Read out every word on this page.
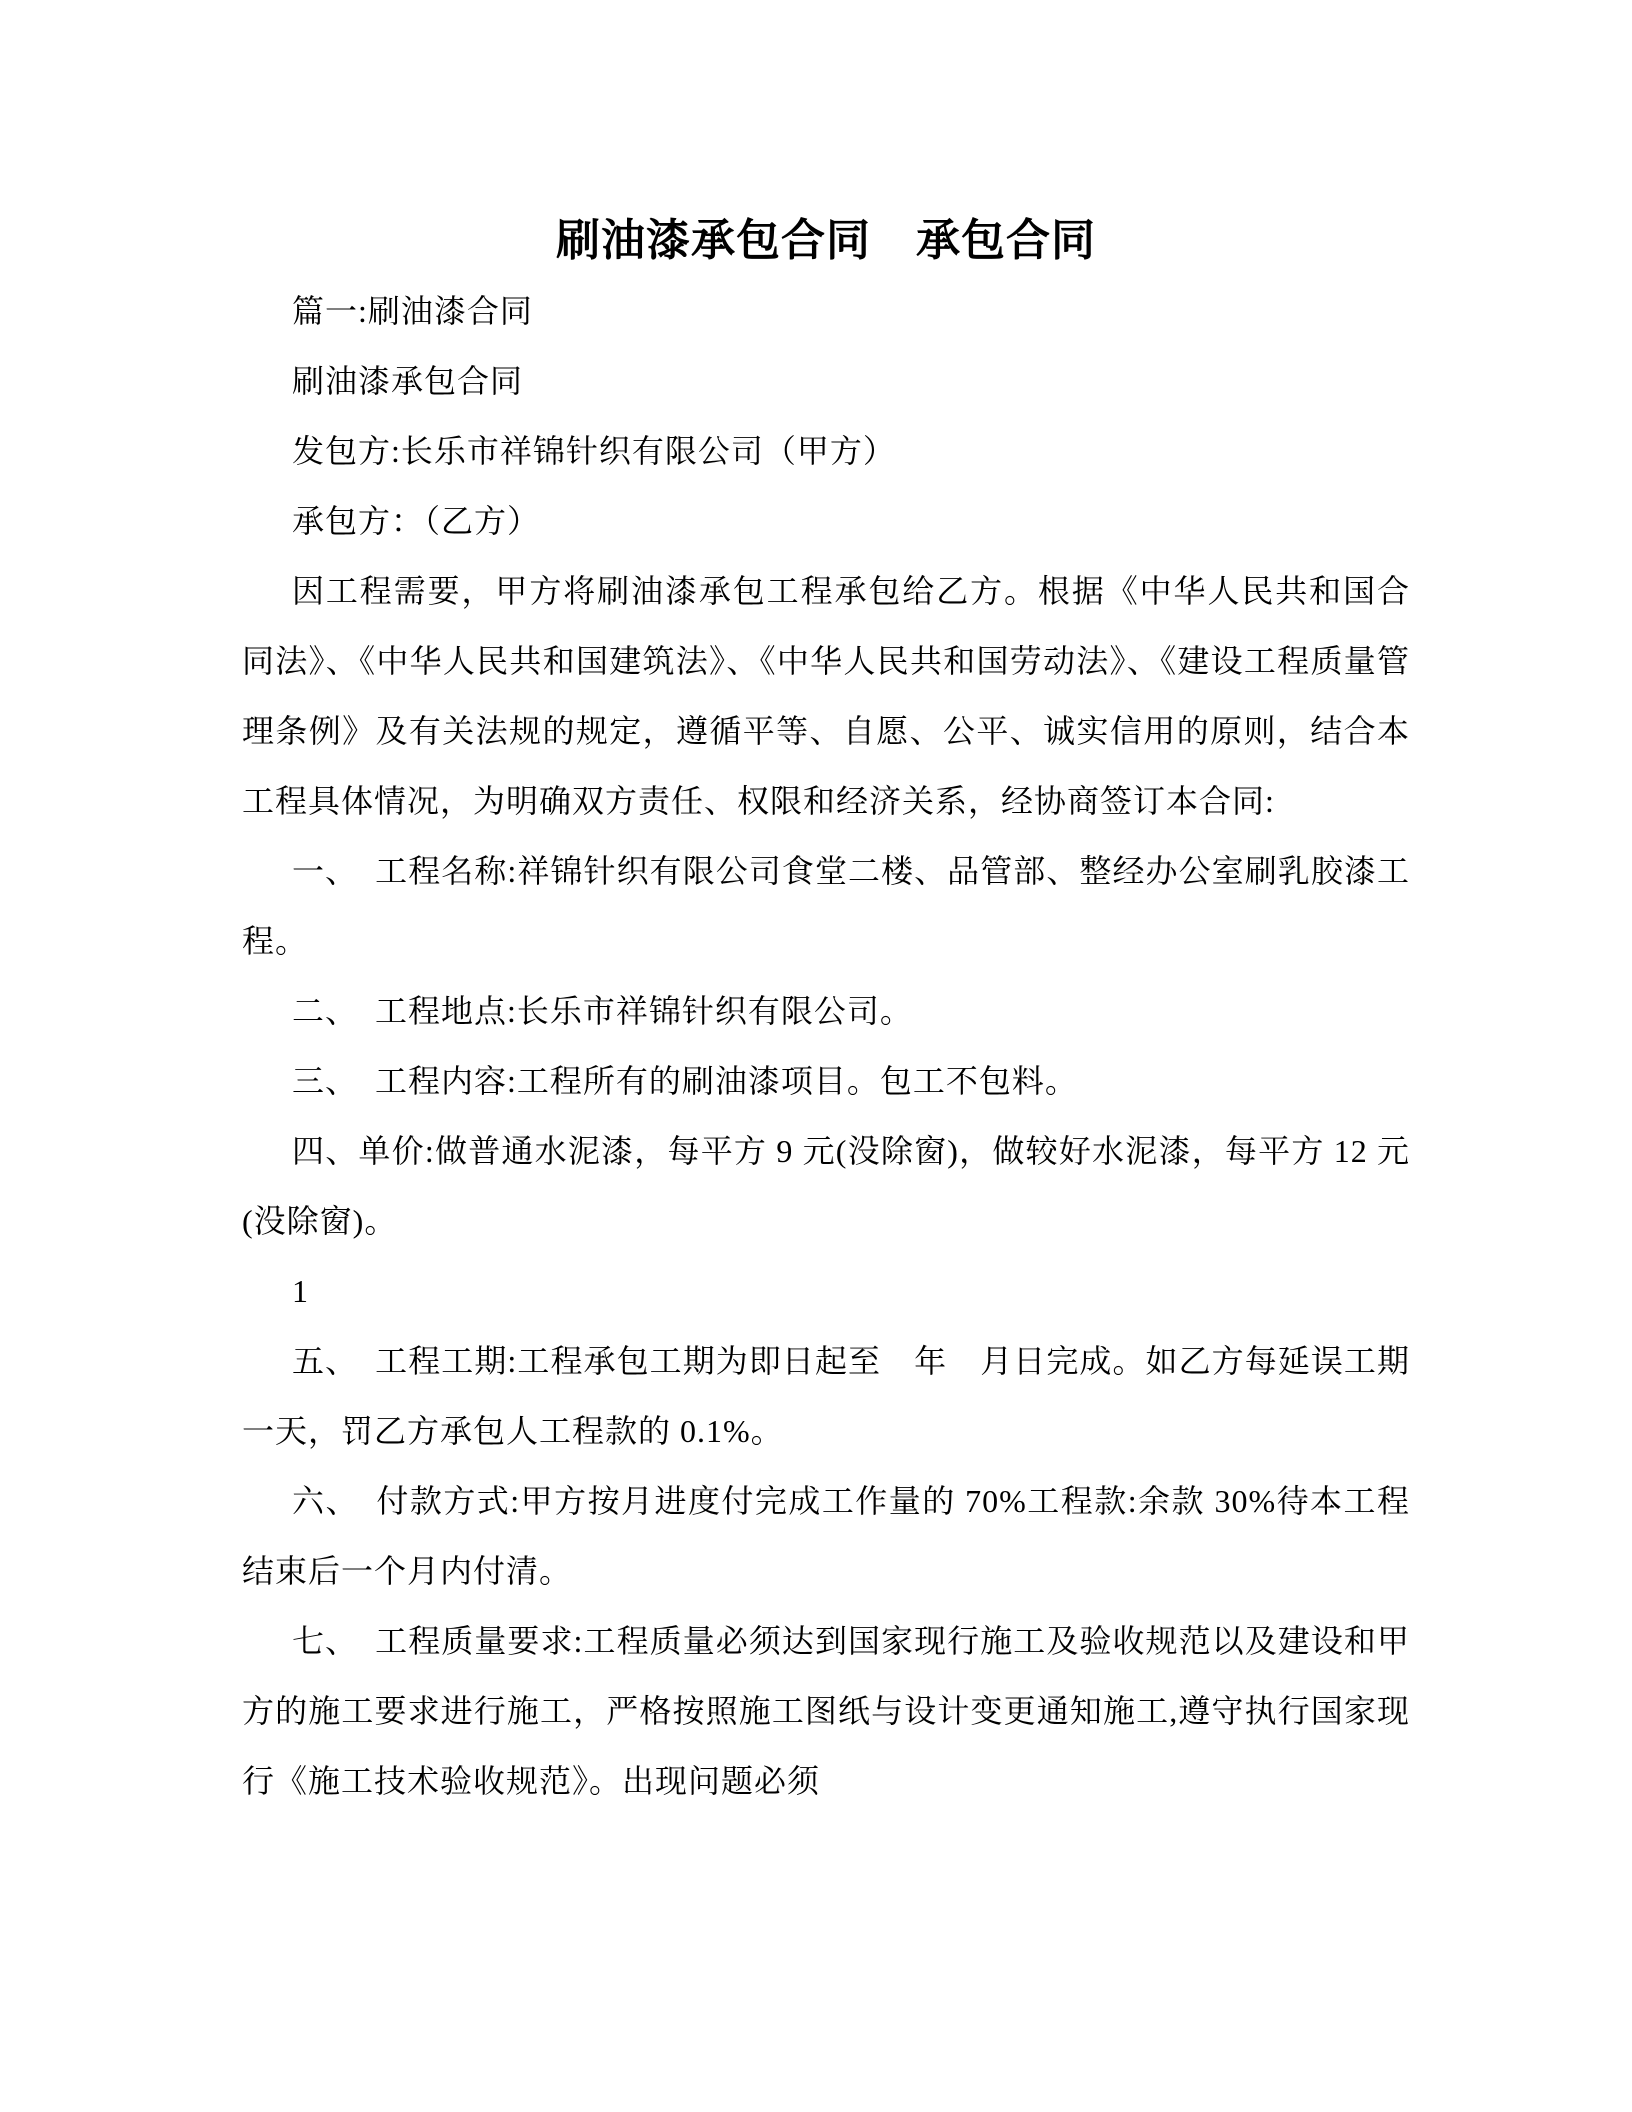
刷油漆承包合同　承包合同

篇一:刷油漆合同

刷油漆承包合同

发包方:长乐市祥锦针织有限公司（甲方）

承包方：（乙方）

因工程需要，甲方将刷油漆承包工程承包给乙方。根据《中华人民共和国合同法》、《中华人民共和国建筑法》、《中华人民共和国劳动法》、《建设工程质量管理条例》及有关法规的规定，遵循平等、自愿、公平、诚实信用的原则，结合本工程具体情况，为明确双方责任、权限和经济关系，经协商签订本合同:

一、　工程名称:祥锦针织有限公司食堂二楼、品管部、整经办公室刷乳胶漆工程。

二、　工程地点:长乐市祥锦针织有限公司。

三、　工程内容:工程所有的刷油漆项目。包工不包料。

四、单价:做普通水泥漆，每平方 9 元(没除窗)，做较好水泥漆，每平方 12 元(没除窗)。

1

五、　工程工期:工程承包工期为即日起至　年　月日完成。如乙方每延误工期一天，罚乙方承包人工程款的 0.1%。

六、　付款方式:甲方按月进度付完成工作量的 70%工程款:余款 30%待本工程结束后一个月内付清。

七、　工程质量要求:工程质量必须达到国家现行施工及验收规范以及建设和甲方的施工要求进行施工，严格按照施工图纸与设计变更通知施工,遵守执行国家现行《施工技术验收规范》。出现问题必须
